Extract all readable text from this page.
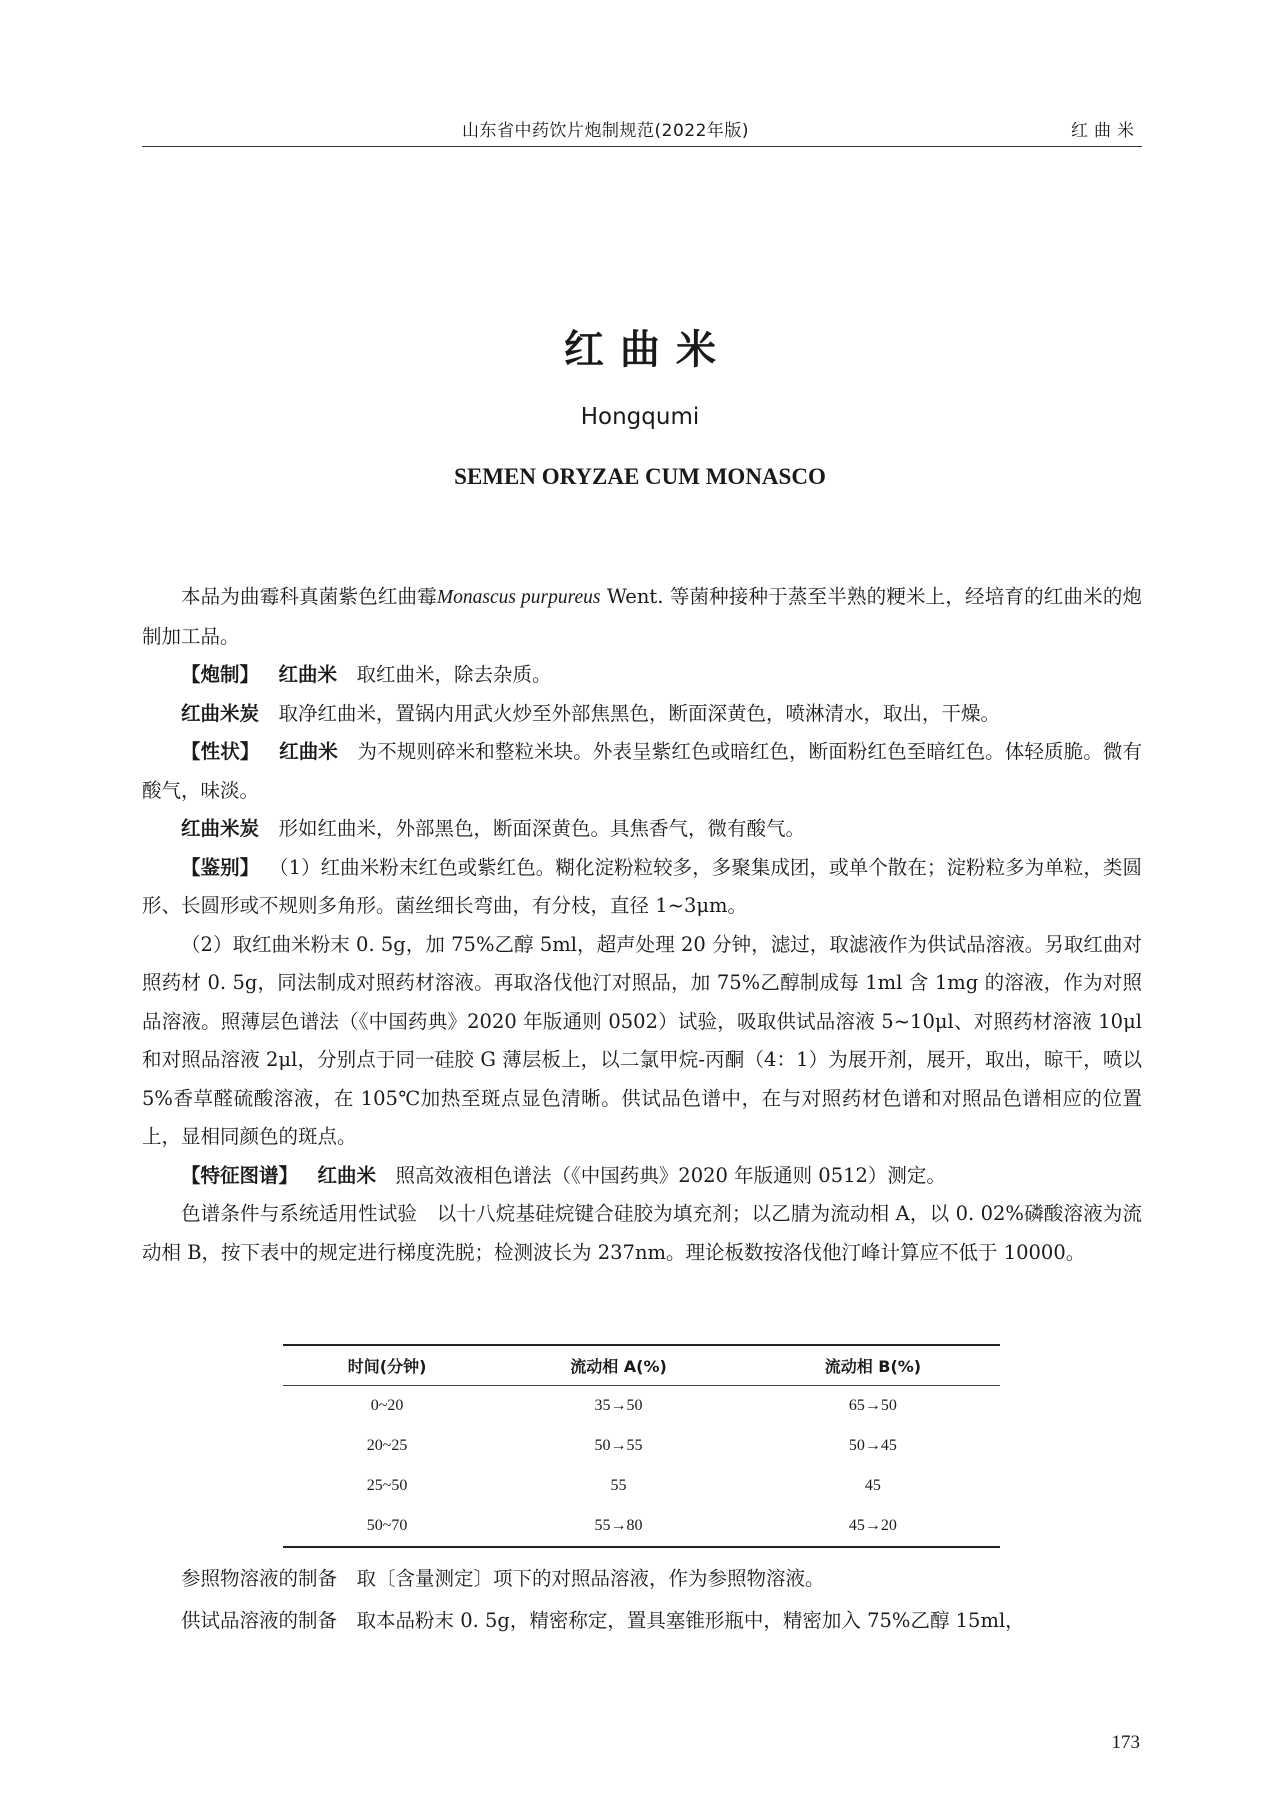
山东省中药饮片炮制规范(2022年版)	红曲米
红曲米
Hongqumi
SEMEN ORYZAE CUM MONASCO

本品为曲霉科真菌紫色红曲霉Monascus purpureus Went. 等菌种接种于蒸至半熟的粳米上，经培育的红曲米的炮制加工品。

【炮制】 红曲米 取红曲米，除去杂质。

红曲米炭 取净红曲米，置锅内用武火炒至外部焦黑色，断面深黄色，喷淋清水，取出，干燥。

【性状】 红曲米 为不规则碎米和整粒米块。外表呈紫红色或暗红色，断面粉红色至暗红色。体轻质脆。微有酸气，味淡。

红曲米炭 形如红曲米，外部黑色，断面深黄色。具焦香气，微有酸气。

【鉴别】 （1）红曲米粉末红色或紫红色。糊化淀粉粒较多，多聚集成团，或单个散在；淀粉粒多为单粒，类圆形、长圆形或不规则多角形。菌丝细长弯曲，有分枝，直径 1~3μm。

（2）取红曲米粉末 0. 5g，加 75%乙醇 5ml，超声处理 20 分钟，滤过，取滤液作为供试品溶液。另取红曲对照药材 0. 5g，同法制成对照药材溶液。再取洛伐他汀对照品，加 75%乙醇制成每 1ml 含 1mg 的溶液，作为对照品溶液。照薄层色谱法（《中国药典》2020 年版通则 0502）试验，吸取供试品溶液 5~10μl、对照药材溶液 10μl 和对照品溶液 2μl，分别点于同一硅胶 G 薄层板上，以二氯甲烷-丙酮（4：1）为展开剂，展开，取出，晾干，喷以 5%香草醛硫酸溶液，在 105℃加热至斑点显色清晰。供试品色谱中，在与对照药材色谱和对照品色谱相应的位置上，显相同颜色的斑点。

【特征图谱】 红曲米 照高效液相色谱法（《中国药典》2020 年版通则 0512）测定。

色谱条件与系统适用性试验 以十八烷基硅烷键合硅胶为填充剂；以乙腈为流动相 A，以 0. 02%磷酸溶液为流动相 B，按下表中的规定进行梯度洗脱；检测波长为 237nm。理论板数按洛伐他汀峰计算应不低于 10000。

时间(分钟)	流动相 A(%)	流动相 B(%)
0~20	35→50	65→50
20~25	50→55	50→45
25~50	55	45
50~70	55→80	45→20

参照物溶液的制备 取〔含量测定〕项下的对照品溶液，作为参照物溶液。

供试品溶液的制备 取本品粉末 0. 5g，精密称定，置具塞锥形瓶中，精密加入 75%乙醇 15ml，

173
